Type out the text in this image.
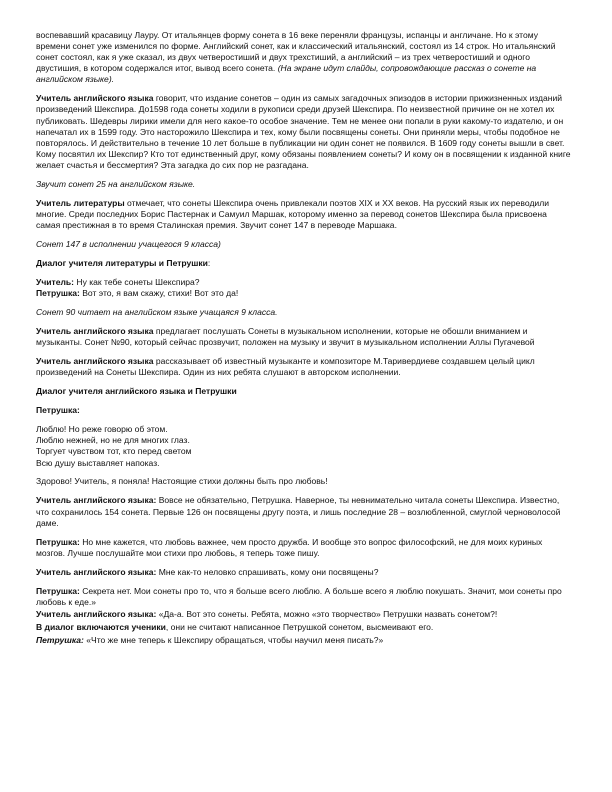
воспевавший красавицу Лауру. От итальянцев форму сонета в 16 веке переняли французы, испанцы и англичане. Но к этому времени сонет уже изменился по форме. Английский сонет, как и классический итальянский, состоял из 14 строк. Но итальянский сонет состоял, как я уже сказал, из двух четверостиший и двух трехстиший, а английский – из трех четверостиший и одного двустишия, в котором содержался итог, вывод всего сонета. (На экране идут слайды, сопровождающие рассказ о сонете на английском языке).

Учитель английского языка говорит, что издание сонетов – один из самых загадочных эпизодов в истории прижизненных изданий произведений Шекспира. До1598 года сонеты ходили в рукописи среди друзей Шекспира. По неизвестной причине он не хотел их публиковать. Шедевры лирики имели для него какое-то особое значение. Тем не менее они попали в руки какому-то издателю, и он напечатал их в 1599 году. Это насторожило Шекспира и тех, кому были посвящены сонеты. Они приняли меры, чтобы подобное не повторялось. И действительно в течение 10 лет больше в публикации ни один сонет не появился. В 1609 году сонеты вышли в свет. Кому посвятил их Шекспир? Кто тот единственный друг, кому обязаны появлением сонеты? И кому он в посвящении к изданной книге желает счастья и бессмертия? Эта загадка до сих пор не разгадана.

Звучит сонет 25 на английском языке.

Учитель литературы отмечает, что сонеты Шекспира очень привлекали поэтов XIX и XX веков. На русский язык их переводили многие. Среди последних Борис Пастернак и Самуил Маршак, которому именно за перевод сонетов Шекспира была присвоена самая престижная в то время Сталинская премия. Звучит сонет 147 в переводе Маршака.

Сонет 147 в исполнении учащегося 9 класса)

Диалог учителя литературы и Петрушки:

Учитель: Ну как тебе сонеты Шекспира?
Петрушка: Вот это, я вам скажу, стихи! Вот это да!

Сонет 90 читает на английском языке учащаяся 9 класса.

Учитель английского языка предлагает послушать Сонеты в музыкальном исполнении, которые не обошли вниманием и музыканты. Сонет №90, который сейчас прозвучит, положен на музыку и звучит в музыкальном исполнении Аллы Пугачевой

Учитель английского языка рассказывает об известный музыканте и композиторе М.Таривердиеве создавшем целый цикл произведений на Сонеты Шекспира. Один из них ребята слушают в авторском исполнении.

Диалог учителя английского языка и Петрушки

Петрушка:

Люблю! Но реже говорю об этом.
Люблю нежней, но не для многих глаз.
Торгует чувством тот, кто перед светом
Всю душу выставляет напоказ.

Здорово! Учитель, я поняла! Настоящие стихи должны быть про любовь!

Учитель английского языка: Вовсе не обязательно, Петрушка. Наверное, ты невнимательно читала сонеты Шекспира. Известно, что сохранилось 154 сонета. Первые 126 он посвящены другу поэта, и лишь последние 28 – возлюбленной, смуглой черноволосой даме.

Петрушка: Но мне кажется, что любовь важнее, чем просто дружба. И вообще это вопрос философский, не для моих куриных мозгов. Лучше послушайте мои стихи про любовь, я теперь тоже пишу.

Учитель английского языка: Мне как-то неловко спрашивать, кому они посвящены?

Петрушка: Секрета нет. Мои сонеты про то, что я больше всего люблю. А больше всего я люблю покушать. Значит, мои сонеты про любовь к еде.»

Учитель английского языка: «Да-а. Вот это сонеты. Ребята, можно «это творчество» Петрушки назвать сонетом?!

В диалог включаются ученики, они не считают написанное Петрушкой сонетом, высмеивают его.

Петрушка: «Что же мне теперь к Шекспиру обращаться, чтобы научил меня писать?»
